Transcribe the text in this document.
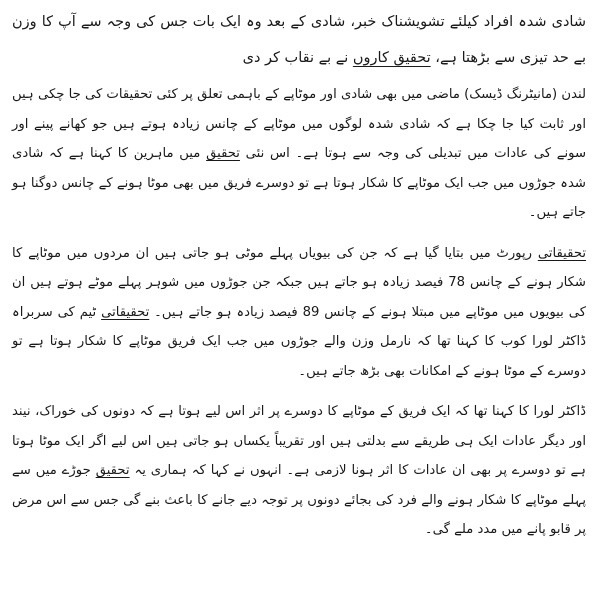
شادی شدہ افراد کیلئے تشویشناک خبر، شادی کے بعد وہ ایک بات جس کی وجہ سے آپ کا وزن بے حد تیزی سے بڑھتا ہے، تحقیق کاروں نے بے نقاب کر دی

لندن (مانیٹرنگ ڈیسک) ماضی میں بھی شادی اور موٹاپے کے باہمی تعلق پر کئی تحقیقات کی جا چکی ہیں اور ثابت کیا جا چکا ہے کہ شادی شدہ لوگوں میں موٹاپے کے چانس زیادہ ہوتے ہیں جو کھانے پینے اور سونے کی عادات میں تبدیلی کی وجہ سے ہوتا ہے۔ اس نئی تحقیق میں ماہرین کا کہنا ہے کہ شادی شدہ جوڑوں میں جب ایک موٹاپے کا شکار ہوتا ہے تو دوسرے فریق میں بھی موٹا ہونے کے چانس دوگنا ہو جاتے ہیں۔

تحقیقاتی رپورٹ میں بتایا گیا ہے کہ جن کی بیویاں پہلے موٹی ہو جاتی ہیں ان مردوں میں موٹاپے کا شکار ہونے کے چانس 78 فیصد زیادہ ہو جاتے ہیں جبکہ جن جوڑوں میں شوہر پہلے موٹے ہوتے ہیں ان کی بیویوں میں موٹاپے میں مبتلا ہونے کے چانس 89 فیصد زیادہ ہو جاتے ہیں۔ تحقیقاتی ٹیم کی سربراہ ڈاکٹر لورا کوب کا کہنا تھا کہ نارمل وزن والے جوڑوں میں جب ایک فریق موٹاپے کا شکار ہوتا ہے تو دوسرے کے موٹا ہونے کے امکانات بھی بڑھ جاتے ہیں۔

ڈاکٹر لورا کا کہنا تھا کہ ایک فریق کے موٹاپے کا دوسرے پر اثر اس لیے ہوتا ہے کہ دونوں کی خوراک، نیند اور دیگر عادات ایک ہی طریقے سے بدلتی ہیں اور تقریباً یکساں ہو جاتی ہیں اس لیے اگر ایک موٹا ہوتا ہے تو دوسرے پر بھی ان عادات کا اثر ہونا لازمی ہے۔ انہوں نے کہا کہ ہماری یہ تحقیق جوڑے میں سے پہلے موٹاپے کا شکار ہونے والے فرد کی بجائے دونوں پر توجہ دیے جانے کا باعث بنے گی جس سے اس مرض پر قابو پانے میں مدد ملے گی۔
